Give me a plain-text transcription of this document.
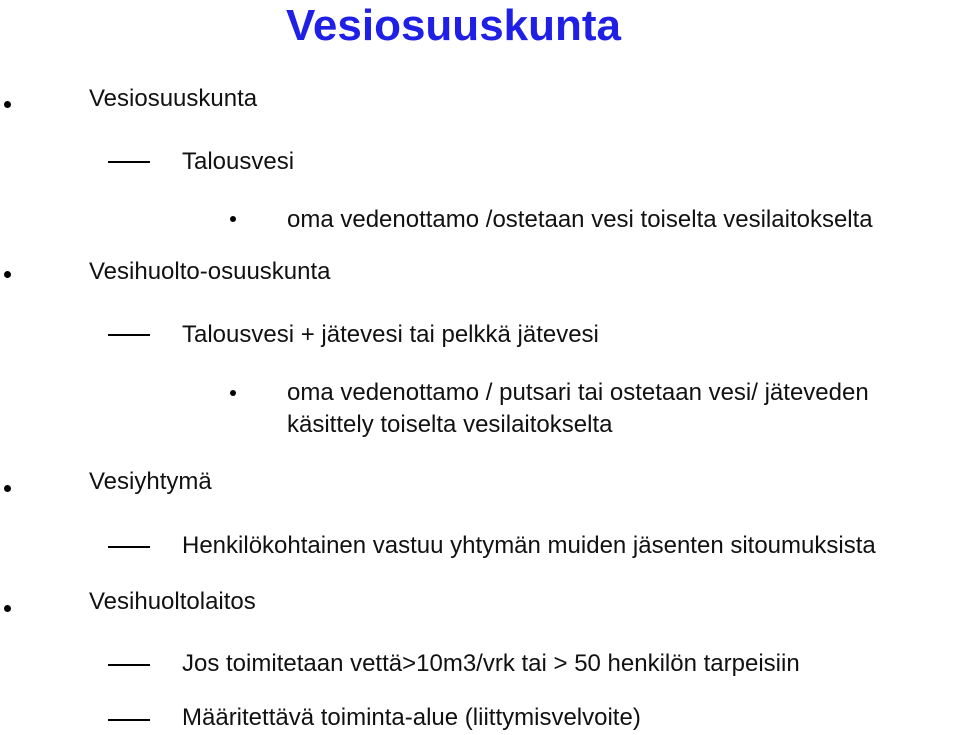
Vesiosuuskunta
Vesiosuuskunta
Talousvesi
oma vedenottamo /ostetaan vesi toiselta vesilaitokselta
Vesihuolto-osuuskunta
Talousvesi + jätevesi tai pelkkä jätevesi
oma vedenottamo / putsari tai ostetaan vesi/ jäteveden
käsittely toiselta vesilaitokselta
Vesiyhtymä
Henkilökohtainen vastuu yhtymän muiden jäsenten sitoumuksista
Vesihuoltolaitos
Jos toimitetaan vettä>10m3/vrk tai > 50 henkilön tarpeisiin
Määritettävä toiminta-alue (liittymisvelvoite)
